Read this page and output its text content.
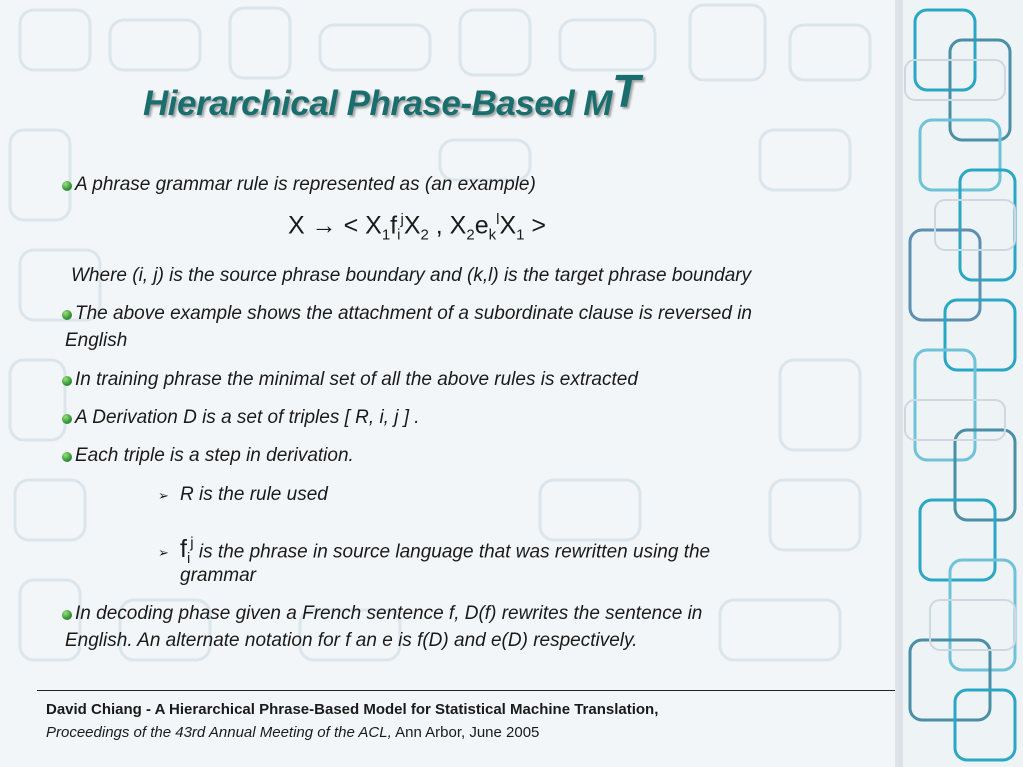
Hierarchical Phrase-Based MT
A phrase grammar rule is represented as (an example)
X → < $X_1f_i^jX_2$ , $X_2e_k^lX_1$ >
Where (i, j) is the source phrase boundary and (k,l) is the target phrase boundary
The above example shows the attachment of a subordinate clause is reversed in
English
In training phrase the minimal set of all the above rules is extracted
A Derivation D is a set of triples [ R, i, j ] .
Each triple is a step in derivation.
➢ R is the rule used
➢ $f_i^j$ is the phrase in source language that was rewritten using the
grammar
In decoding phase given a French sentence f, D(f) rewrites the sentence in
English. An alternate notation for f an e is f(D) and e(D) respectively.
David Chiang - A Hierarchical Phrase-Based Model for Statistical Machine Translation,
Proceedings of the 43rd Annual Meeting of the ACL, Ann Arbor, June 2005
